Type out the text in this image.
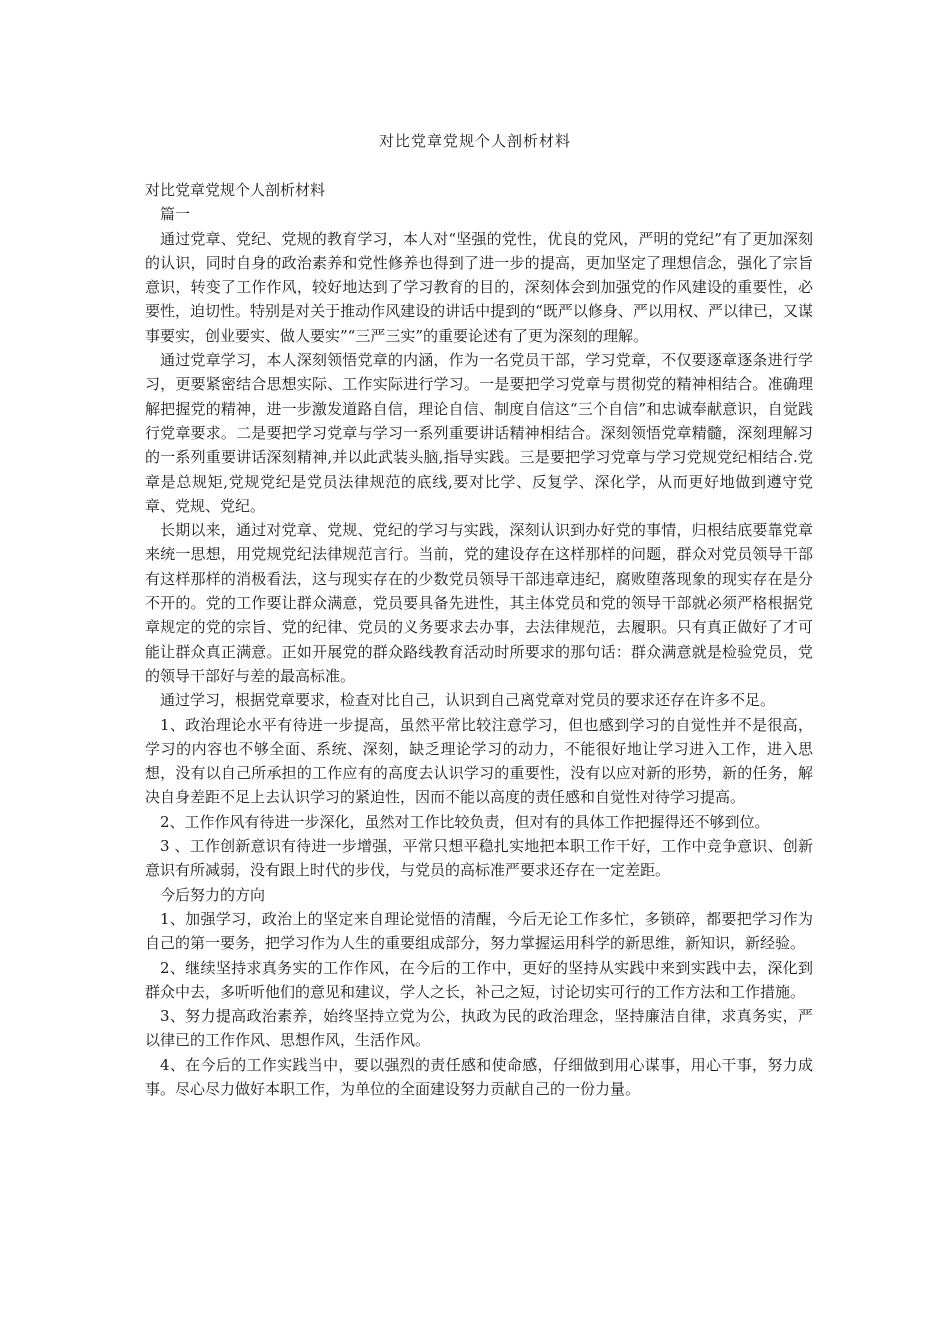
对比党章党规个人剖析材料

对比党章党规个人剖析材料

篇一

通过党章、党纪、党规的教育学习，本人对“坚强的党性，优良的党风，严明的党纪”有了更加深刻的认识，同时自身的政治素养和党性修养也得到了进一步的提高，更加坚定了理想信念，强化了宗旨意识，转变了工作作风，较好地达到了学习教育的目的，深刻体会到加强党的作风建设的重要性，必要性，迫切性。特别是对关于推动作风建设的讲话中提到的“既严以修身、严以用权、严以律已，又谋事要实，创业要实、做人要实”“三严三实”的重要论述有了更为深刻的理解。

通过党章学习，本人深刻领悟党章的内涵，作为一名党员干部，学习党章，不仅要逐章逐条进行学习，更要紧密结合思想实际、工作实际进行学习。一是要把学习党章与贯彻党的精神相结合。准确理解把握党的精神，进一步激发道路自信，理论自信、制度自信这“三个自信”和忠诚奉献意识，自觉践行党章要求。二是要把学习党章与学习一系列重要讲话精神相结合。深刻领悟党章精髓，深刻理解习的一系列重要讲话深刻精神,并以此武装头脑,指导实践。三是要把学习党章与学习党规党纪相结合.党章是总规矩,党规党纪是党员法律规范的底线,要对比学、反复学、深化学，从而更好地做到遵守党章、党规、党纪。

长期以来，通过对党章、党规、党纪的学习与实践，深刻认识到办好党的事情，归根结底要靠党章来统一思想，用党规党纪法律规范言行。当前，党的建设存在这样那样的问题，群众对党员领导干部有这样那样的消极看法，这与现实存在的少数党员领导干部违章违纪，腐败堕落现象的现实存在是分不开的。党的工作要让群众满意，党员要具备先进性，其主体党员和党的领导干部就必须严格根据党章规定的党的宗旨、党的纪律、党员的义务要求去办事，去法律规范，去履职。只有真正做好了才可能让群众真正满意。正如开展党的群众路线教育活动时所要求的那句话：群众满意就是检验党员，党的领导干部好与差的最高标准。

通过学习，根据党章要求，检查对比自己，认识到自己离党章对党员的要求还存在许多不足。

1、政治理论水平有待进一步提高，虽然平常比较注意学习，但也感到学习的自觉性并不是很高，学习的内容也不够全面、系统、深刻，缺乏理论学习的动力，不能很好地让学习进入工作，进入思想，没有以自己所承担的工作应有的高度去认识学习的重要性，没有以应对新的形势，新的任务，解决自身差距不足上去认识学习的紧迫性，因而不能以高度的责任感和自觉性对待学习提高。

2、工作作风有待进一步深化，虽然对工作比较负责，但对有的具体工作把握得还不够到位。

3 、工作创新意识有待进一步增强，平常只想平稳扎实地把本职工作干好，工作中竞争意识、创新意识有所减弱，没有跟上时代的步伐，与党员的高标准严要求还存在一定差距。

今后努力的方向

1、加强学习，政治上的坚定来自理论觉悟的清醒，今后无论工作多忙，多锁碎，都要把学习作为自己的第一要务，把学习作为人生的重要组成部分，努力掌握运用科学的新思维，新知识，新经验。

2、继续坚持求真务实的工作作风，在今后的工作中，更好的坚持从实践中来到实践中去，深化到群众中去，多听听他们的意见和建议，学人之长，补己之短，讨论切实可行的工作方法和工作措施。

3、努力提高政治素养，始终坚持立党为公，执政为民的政治理念，坚持廉洁自律，求真务实，严以律已的工作作风、思想作风，生活作风。

4、在今后的工作实践当中，要以强烈的责任感和使命感，仔细做到用心谋事，用心干事，努力成事。尽心尽力做好本职工作，为单位的全面建设努力贡献自己的一份力量。
